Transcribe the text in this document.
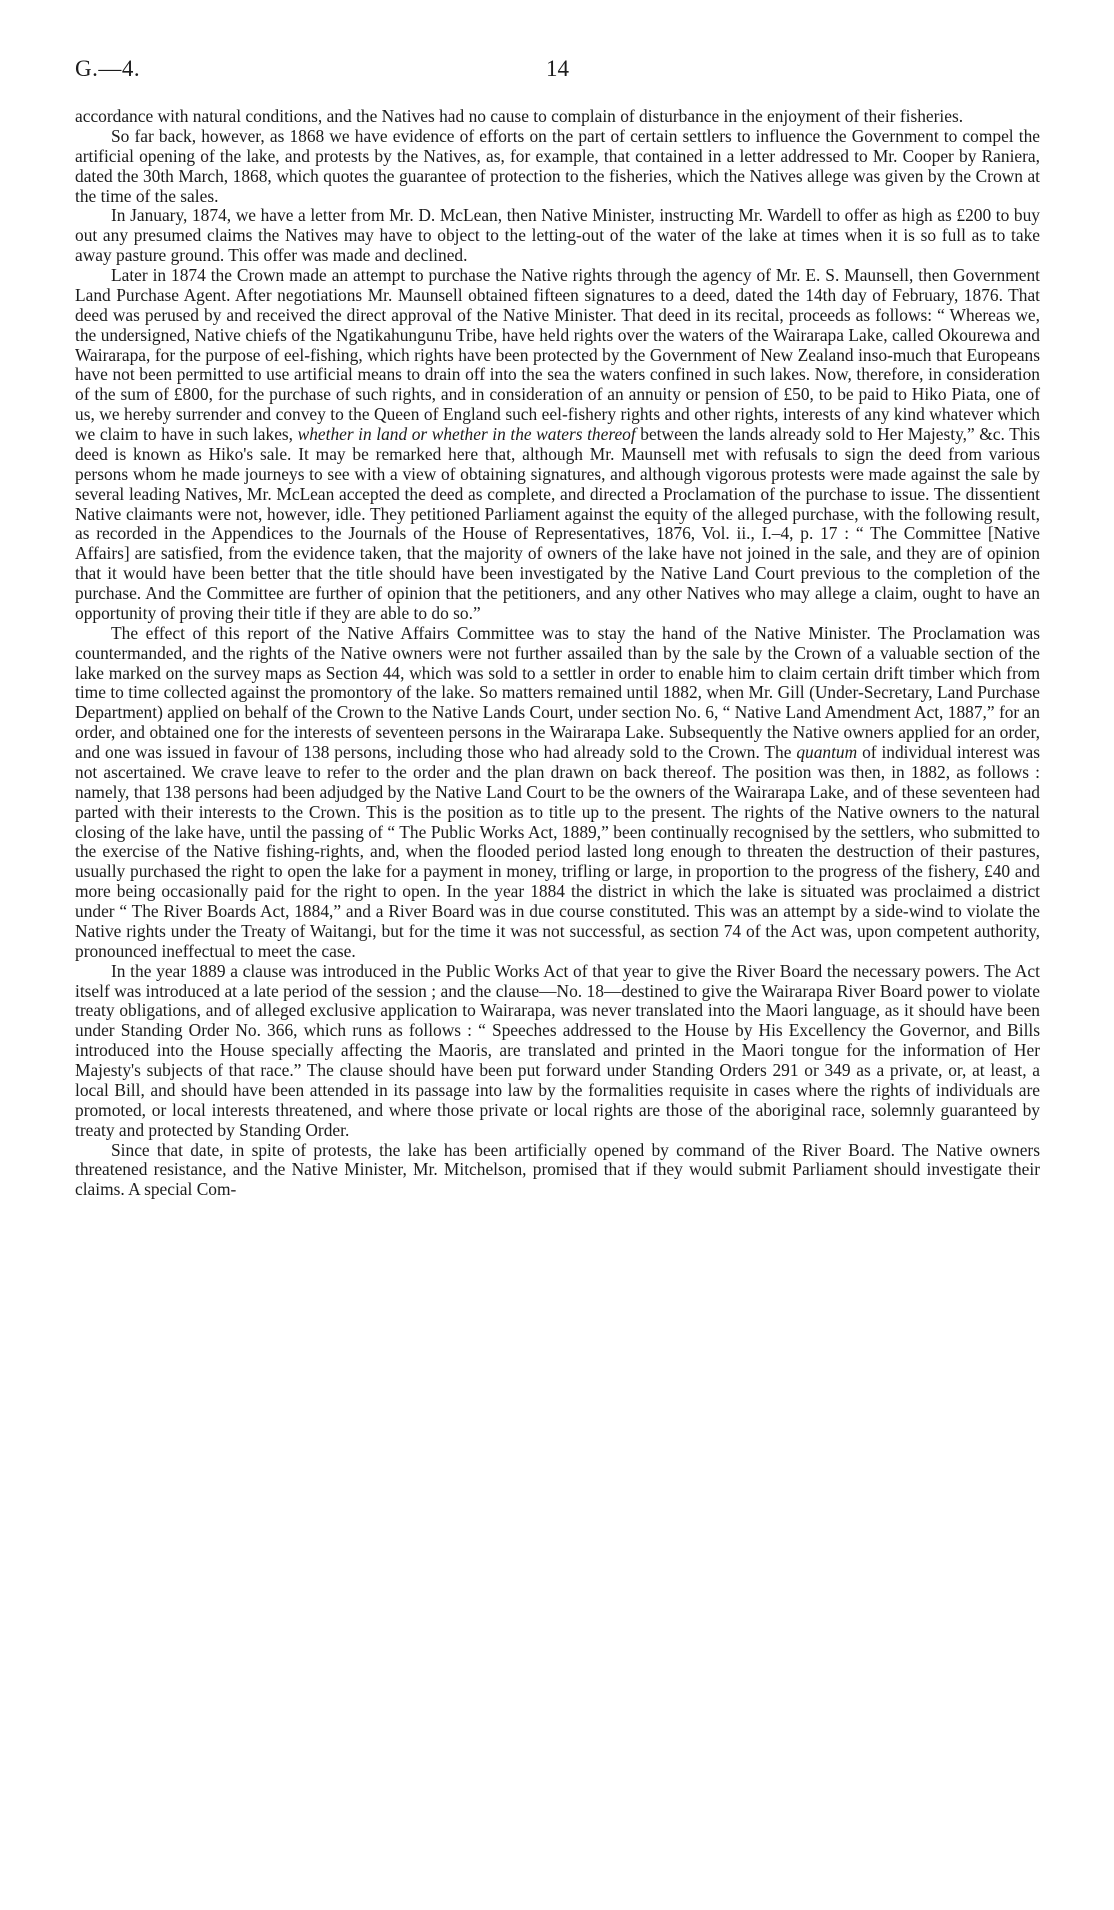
G.—4.	14

accordance with natural conditions, and the Natives had no cause to complain of disturbance in the enjoyment of their fisheries.

So far back, however, as 1868 we have evidence of efforts on the part of certain settlers to influence the Government to compel the artificial opening of the lake, and protests by the Natives, as, for example, that contained in a letter addressed to Mr. Cooper by Raniera, dated the 30th March, 1868, which quotes the guarantee of protection to the fisheries, which the Natives allege was given by the Crown at the time of the sales.

In January, 1874, we have a letter from Mr. D. McLean, then Native Minister, instructing Mr. Wardell to offer as high as £200 to buy out any presumed claims the Natives may have to object to the letting-out of the water of the lake at times when it is so full as to take away pasture ground. This offer was made and declined.

Later in 1874 the Crown made an attempt to purchase the Native rights through the agency of Mr. E. S. Maunsell, then Government Land Purchase Agent. After negotiations Mr. Maunsell obtained fifteen signatures to a deed, dated the 14th day of February, 1876. That deed was perused by and received the direct approval of the Native Minister. That deed in its recital, proceeds as follows: “ Whereas we, the undersigned, Native chiefs of the Ngatikahungunu Tribe, have held rights over the waters of the Wairarapa Lake, called Okourewa and Wairarapa, for the purpose of eel-fishing, which rights have been protected by the Government of New Zealand inso-much that Europeans have not been permitted to use artificial means to drain off into the sea the waters confined in such lakes. Now, therefore, in consideration of the sum of £800, for the purchase of such rights, and in consideration of an annuity or pension of £50, to be paid to Hiko Piata, one of us, we hereby surrender and convey to the Queen of England such eel-fishery rights and other rights, interests of any kind whatever which we claim to have in such lakes, whether in land or whether in the waters thereof between the lands already sold to Her Majesty,” &c. This deed is known as Hiko's sale. It may be remarked here that, although Mr. Maunsell met with refusals to sign the deed from various persons whom he made journeys to see with a view of obtaining signatures, and although vigorous protests were made against the sale by several leading Natives, Mr. McLean accepted the deed as complete, and directed a Proclamation of the purchase to issue. The dissentient Native claimants were not, however, idle. They petitioned Parliament against the equity of the alleged purchase, with the following result, as recorded in the Appendices to the Journals of the House of Representatives, 1876, Vol. ii., I.–4, p. 17 : “ The Committee [Native Affairs] are satisfied, from the evidence taken, that the majority of owners of the lake have not joined in the sale, and they are of opinion that it would have been better that the title should have been investigated by the Native Land Court previous to the completion of the purchase. And the Committee are further of opinion that the petitioners, and any other Natives who may allege a claim, ought to have an opportunity of proving their title if they are able to do so.”

The effect of this report of the Native Affairs Committee was to stay the hand of the Native Minister. The Proclamation was countermanded, and the rights of the Native owners were not further assailed than by the sale by the Crown of a valuable section of the lake marked on the survey maps as Section 44, which was sold to a settler in order to enable him to claim certain drift timber which from time to time collected against the promontory of the lake. So matters remained until 1882, when Mr. Gill (Under-Secretary, Land Purchase Department) applied on behalf of the Crown to the Native Lands Court, under section No. 6, “ Native Land Amendment Act, 1887,” for an order, and obtained one for the interests of seventeen persons in the Wairarapa Lake. Subsequently the Native owners applied for an order, and one was issued in favour of 138 persons, including those who had already sold to the Crown. The quantum of individual interest was not ascertained. We crave leave to refer to the order and the plan drawn on back thereof. The position was then, in 1882, as follows : namely, that 138 persons had been adjudged by the Native Land Court to be the owners of the Wairarapa Lake, and of these seventeen had parted with their interests to the Crown. This is the position as to title up to the present. The rights of the Native owners to the natural closing of the lake have, until the passing of “ The Public Works Act, 1889,” been continually recognised by the settlers, who submitted to the exercise of the Native fishing-rights, and, when the flooded period lasted long enough to threaten the destruction of their pastures, usually purchased the right to open the lake for a payment in money, trifling or large, in proportion to the progress of the fishery, £40 and more being occasionally paid for the right to open. In the year 1884 the district in which the lake is situated was proclaimed a district under “ The River Boards Act, 1884,” and a River Board was in due course constituted. This was an attempt by a side-wind to violate the Native rights under the Treaty of Waitangi, but for the time it was not successful, as section 74 of the Act was, upon competent authority, pronounced ineffectual to meet the case.

In the year 1889 a clause was introduced in the Public Works Act of that year to give the River Board the necessary powers. The Act itself was introduced at a late period of the session ; and the clause—No. 18—destined to give the Wairarapa River Board power to violate treaty obligations, and of alleged exclusive application to Wairarapa, was never translated into the Maori language, as it should have been under Standing Order No. 366, which runs as follows : “ Speeches addressed to the House by His Excellency the Governor, and Bills introduced into the House specially affecting the Maoris, are translated and printed in the Maori tongue for the information of Her Majesty's subjects of that race.” The clause should have been put forward under Standing Orders 291 or 349 as a private, or, at least, a local Bill, and should have been attended in its passage into law by the formalities requisite in cases where the rights of individuals are promoted, or local interests threatened, and where those private or local rights are those of the aboriginal race, solemnly guaranteed by treaty and protected by Standing Order.

Since that date, in spite of protests, the lake has been artificially opened by command of the River Board. The Native owners threatened resistance, and the Native Minister, Mr. Mitchelson, promised that if they would submit Parliament should investigate their claims. A special Com-
